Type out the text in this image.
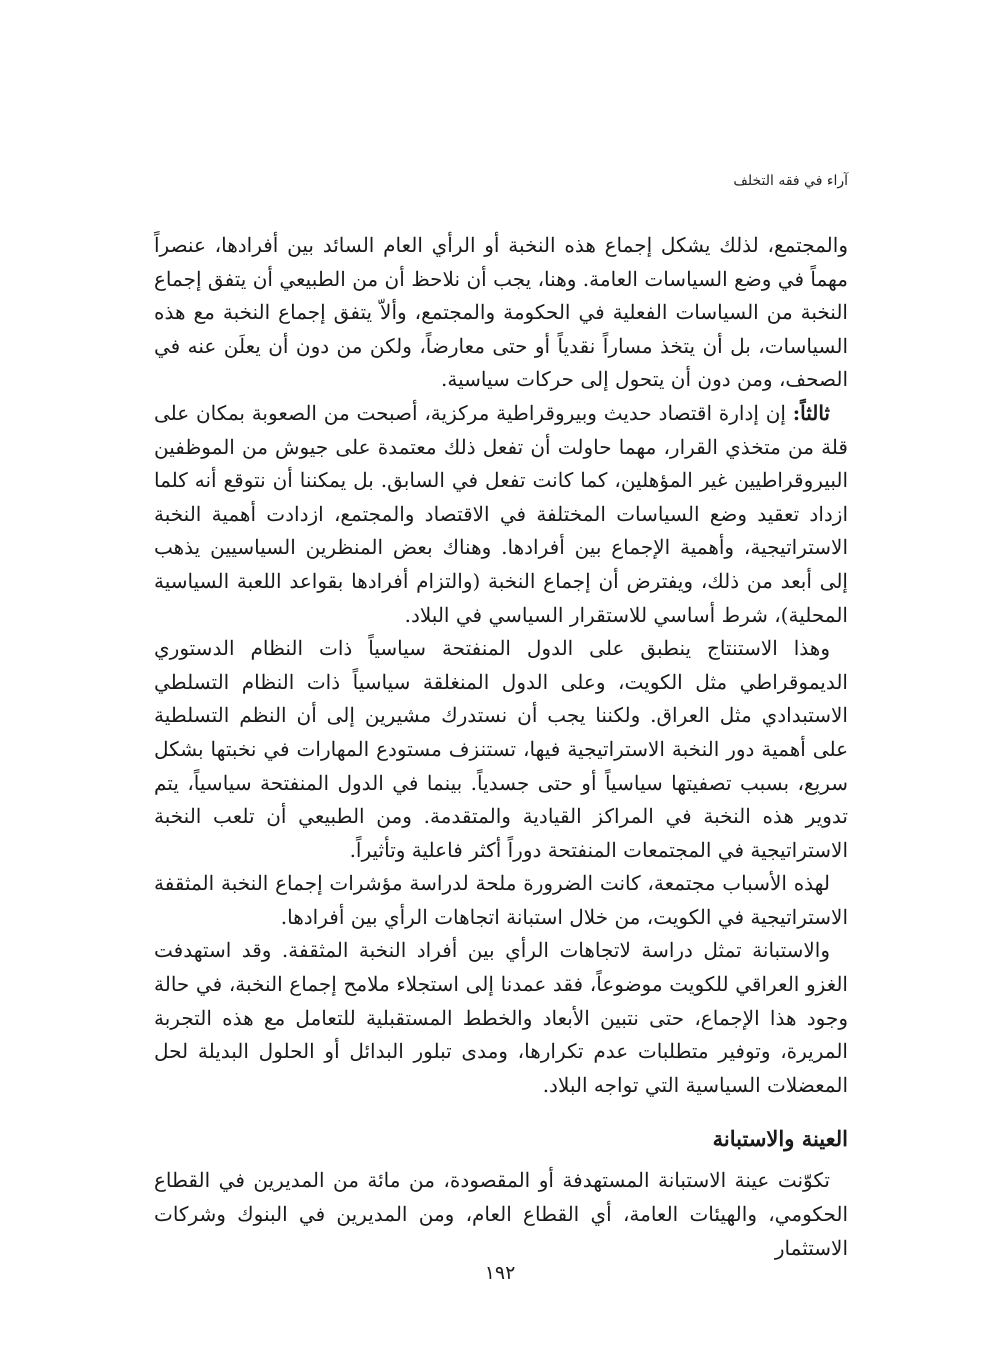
آراء في فقه التخلف

والمجتمع، لذلك يشكل إجماع هذه النخبة أو الرأي العام السائد بين أفرادها، عنصراً مهماً في وضع السياسات العامة. وهنا، يجب أن نلاحظ أن من الطبيعي أن يتفق إجماع النخبة من السياسات الفعلية في الحكومة والمجتمع، وألاّ يتفق إجماع النخبة مع هذه السياسات، بل أن يتخذ مساراً نقدياً أو حتى معارضاً، ولكن من دون أن يعلَن عنه في الصحف، ومن دون أن يتحول إلى حركات سياسية.

ثالثاً: إن إدارة اقتصاد حديث وبيروقراطية مركزية، أصبحت من الصعوبة بمكان على قلة من متخذي القرار، مهما حاولت أن تفعل ذلك معتمدة على جيوش من الموظفين البيروقراطيين غير المؤهلين، كما كانت تفعل في السابق. بل يمكننا أن نتوقع أنه كلما ازداد تعقيد وضع السياسات المختلفة في الاقتصاد والمجتمع، ازدادت أهمية النخبة الاستراتيجية، وأهمية الإجماع بين أفرادها. وهناك بعض المنظرين السياسيين يذهب إلى أبعد من ذلك، ويفترض أن إجماع النخبة (والتزام أفرادها بقواعد اللعبة السياسية المحلية)، شرط أساسي للاستقرار السياسي في البلاد.

وهذا الاستنتاج ينطبق على الدول المنفتحة سياسياً ذات النظام الدستوري الديموقراطي مثل الكويت، وعلى الدول المنغلقة سياسياً ذات النظام التسلطي الاستبدادي مثل العراق. ولكننا يجب أن نستدرك مشيرين إلى أن النظم التسلطية على أهمية دور النخبة الاستراتيجية فيها، تستنزف مستودع المهارات في نخبتها بشكل سريع، بسبب تصفيتها سياسياً أو حتى جسدياً. بينما في الدول المنفتحة سياسياً، يتم تدوير هذه النخبة في المراكز القيادية والمتقدمة. ومن الطبيعي أن تلعب النخبة الاستراتيجية في المجتمعات المنفتحة دوراً أكثر فاعلية وتأثيراً.

لهذه الأسباب مجتمعة، كانت الضرورة ملحة لدراسة مؤشرات إجماع النخبة المثقفة الاستراتيجية في الكويت، من خلال استبانة اتجاهات الرأي بين أفرادها.

والاستبانة تمثل دراسة لاتجاهات الرأي بين أفراد النخبة المثقفة. وقد استهدفت الغزو العراقي للكويت موضوعاً، فقد عمدنا إلى استجلاء ملامح إجماع النخبة، في حالة وجود هذا الإجماع، حتى نتبين الأبعاد والخطط المستقبلية للتعامل مع هذه التجربة المريرة، وتوفير متطلبات عدم تكرارها، ومدى تبلور البدائل أو الحلول البديلة لحل المعضلات السياسية التي تواجه البلاد.

العينة والاستبانة

تكوّنت عينة الاستبانة المستهدفة أو المقصودة، من مائة من المديرين في القطاع الحكومي، والهيئات العامة، أي القطاع العام، ومن المديرين في البنوك وشركات الاستثمار

١٩٢
